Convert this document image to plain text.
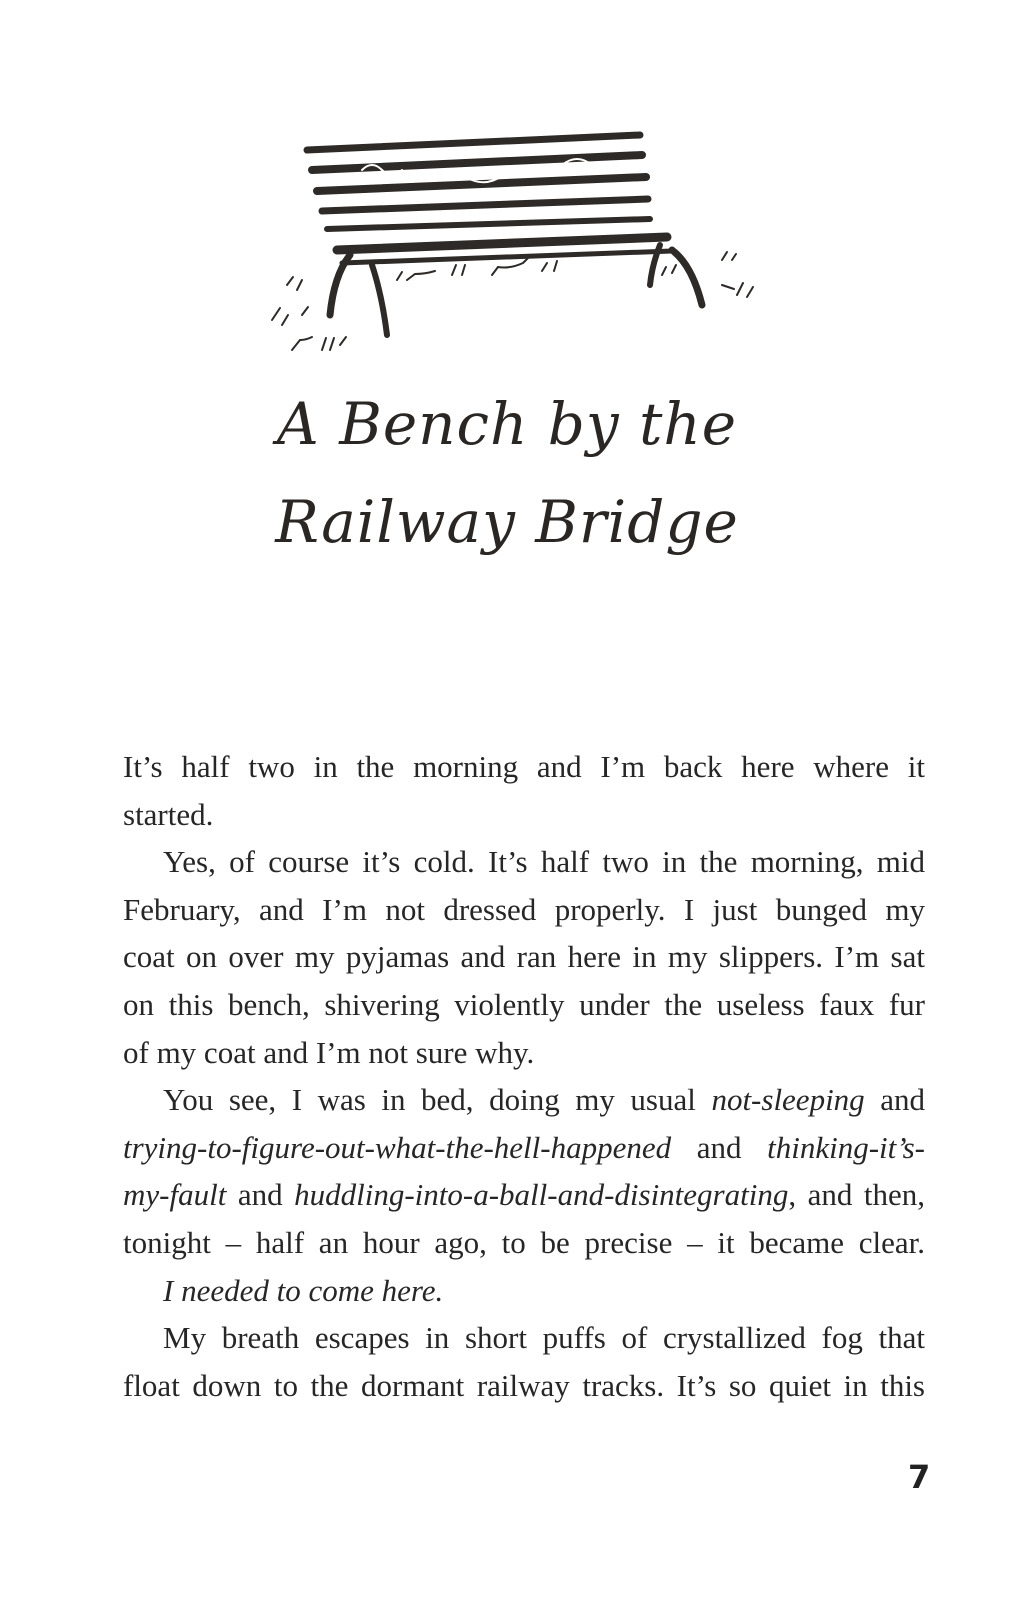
A Bench by the
Railway Bridge
It’s half two in the morning and I’m back here where it
started.
Yes, of course it’s cold. It’s half two in the morning, mid
February, and I’m not dressed properly. I just bunged my
coat on over my pyjamas and ran here in my slippers. I’m sat
on this bench, shivering violently under the useless faux fur
of my coat and I’m not sure why.
You see, I was in bed, doing my usual not-sleeping and
trying-to-figure-out-what-the-hell-happened and thinking-it’s-
my-fault and huddling-into-a-ball-and-disintegrating, and then,
tonight – half an hour ago, to be precise – it became clear.
I needed to come here.
My breath escapes in short puffs of crystallized fog that
float down to the dormant railway tracks. It’s so quiet in this
7
